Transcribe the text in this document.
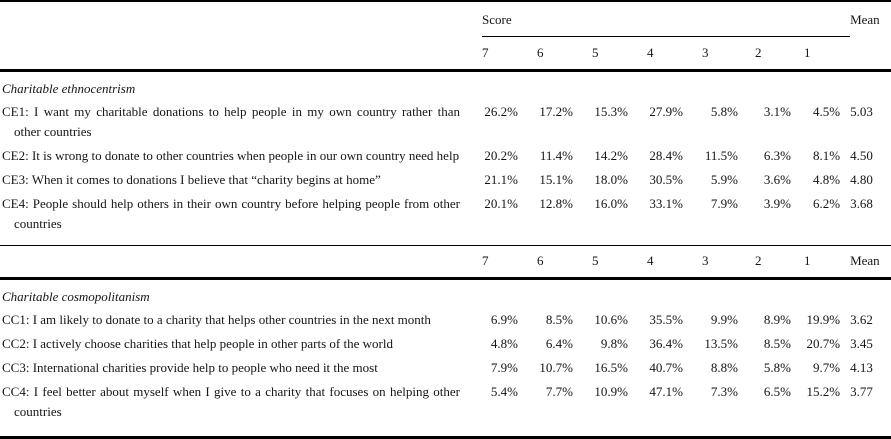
	Score							Mean
	7	6	5	4	3	2	1	
Charitable ethnocentrism								
CE1: I want my charitable donations to help people in my own country rather than other countries	26.2%	17.2%	15.3%	27.9%	5.8%	3.1%	4.5%	5.03
CE2: It is wrong to donate to other countries when people in our own country need help	20.2%	11.4%	14.2%	28.4%	11.5%	6.3%	8.1%	4.50
CE3: When it comes to donations I believe that “charity begins at home”	21.1%	15.1%	18.0%	30.5%	5.9%	3.6%	4.8%	4.80
CE4: People should help others in their own country before helping people from other countries	20.1%	12.8%	16.0%	33.1%	7.9%	3.9%	6.2%	3.68
	7	6	5	4	3	2	1	Mean
Charitable cosmopolitanism								
CC1: I am likely to donate to a charity that helps other countries in the next month	6.9%	8.5%	10.6%	35.5%	9.9%	8.9%	19.9%	3.62
CC2: I actively choose charities that help people in other parts of the world	4.8%	6.4%	9.8%	36.4%	13.5%	8.5%	20.7%	3.45
CC3: International charities provide help to people who need it the most	7.9%	10.7%	16.5%	40.7%	8.8%	5.8%	9.7%	4.13
CC4: I feel better about myself when I give to a charity that focuses on helping other countries	5.4%	7.7%	10.9%	47.1%	7.3%	6.5%	15.2%	3.77
